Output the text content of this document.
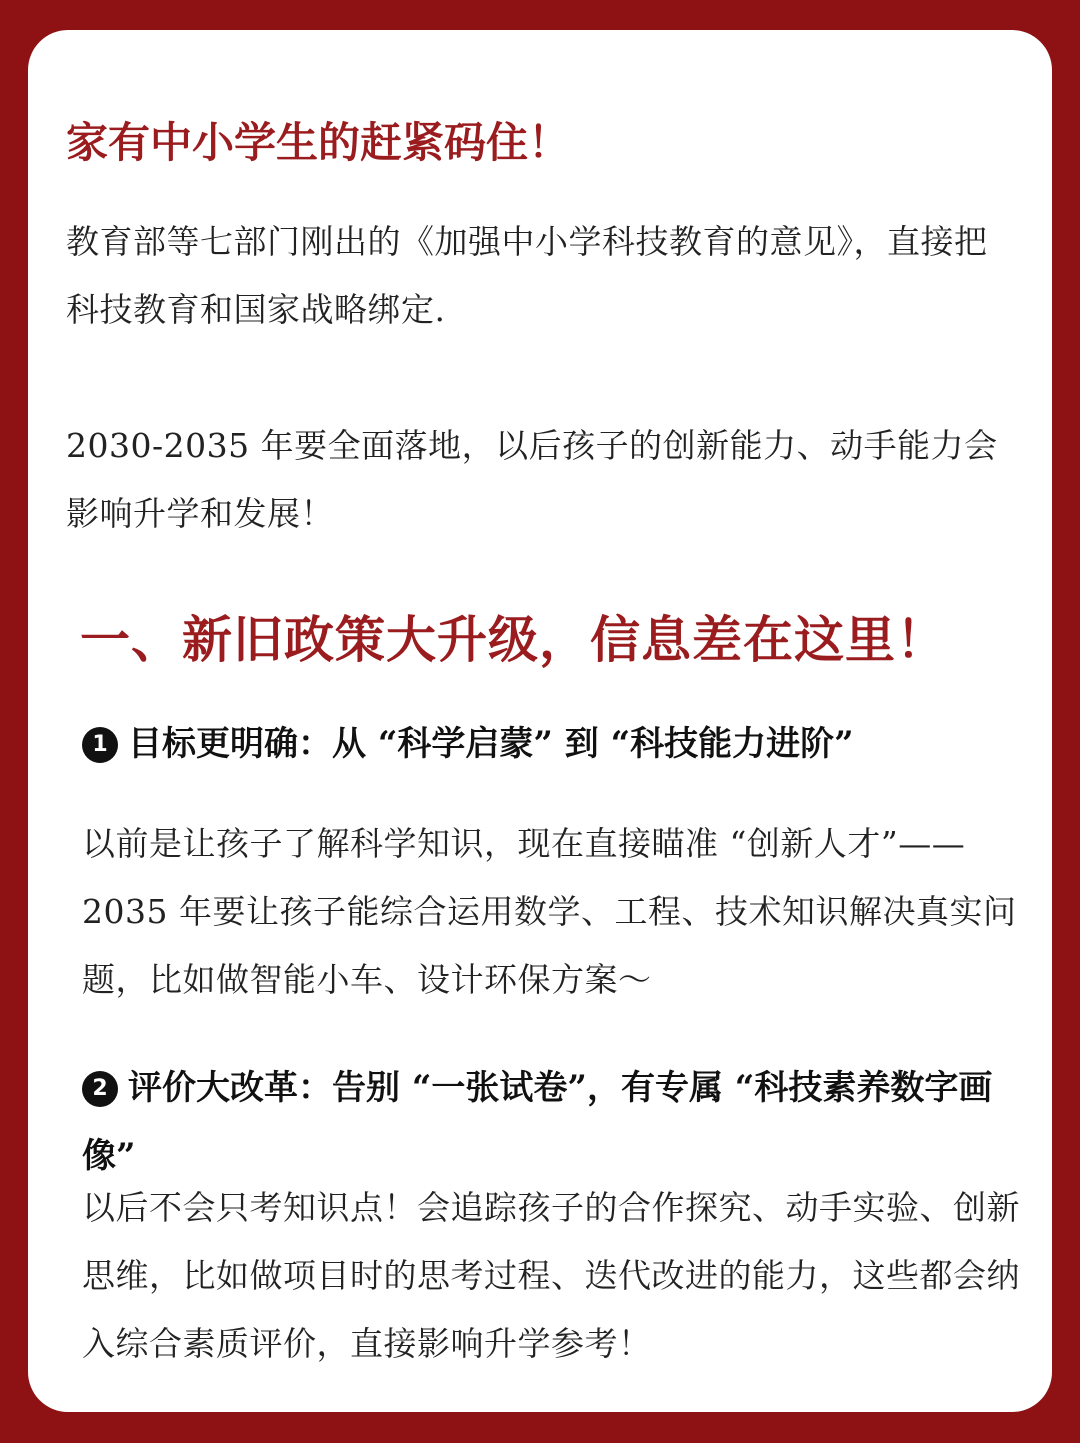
家有中小学生的赶紧码住！

教育部等七部门刚出的《加强中小学科技教育的意见》，直接把科技教育和国家战略绑定.

2030-2035 年要全面落地，以后孩子的创新能力、动手能力会影响升学和发展！

一、新旧政策大升级，信息差在这里！
1 目标更明确：从 “科学启蒙” 到 “科技能力进阶”

以前是让孩子了解科学知识，现在直接瞄准 “创新人才”——2035 年要让孩子能综合运用数学、工程、技术知识解决真实问题，比如做智能小车、设计环保方案～

2 评价大改革：告别 “一张试卷”，有专属 “科技素养数字画像”

以后不会只考知识点！会追踪孩子的合作探究、动手实验、创新思维，比如做项目时的思考过程、迭代改进的能力，这些都会纳入综合素质评价，直接影响升学参考！
